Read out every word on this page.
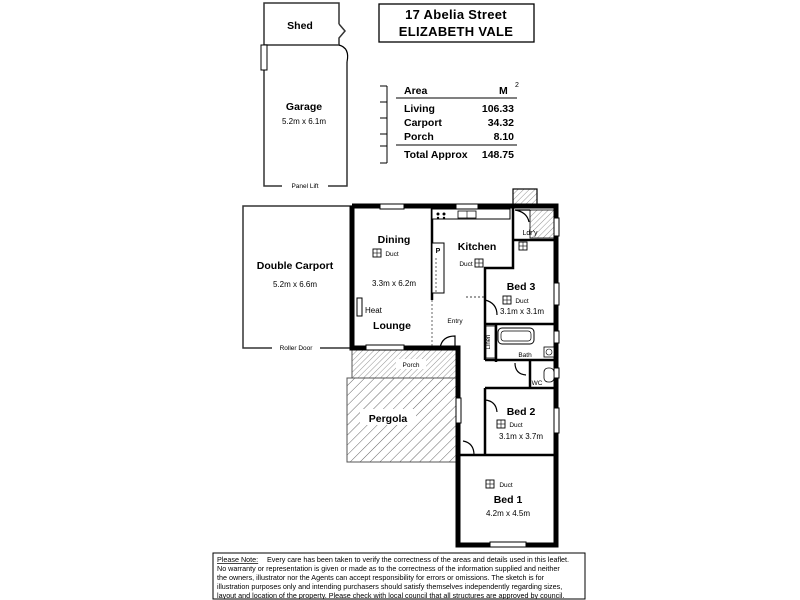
17 Abelia Street
ELIZABETH VALE
Area	M 2
Living	106.33
Carport	34.32
Porch	8.10
Total Approx 148.75
Shed
Garage
5.2m x 6.1m
Panel Lift
Double Carport
5.2m x 6.6m
Roller Door
Pergola
Porch
Dining
Duct
3.3m x 6.2m
Heat
Lounge
P Kitchen
Duct
Ldr'y
Bed 3
Duct
3.1m x 3.1m
Entry
Linen
Bath
WC
Bed 2
Duct
3.1m x 3.7m
Duct
Bed 1
4.2m x 4.5m
Please Note: Every care has been taken to verify the correctness of the areas and details used in this leaflet.
No warranty or representation is given or made as to the correctness of the information supplied and neither
the owners, illustrator nor the Agents can accept responsibility for errors or omissions. The sketch is for
illustration purposes only and intending purchasers should satisfy themselves independently regarding sizes,
layout and location of the property. Please check with local council that all structures are approved by council.
